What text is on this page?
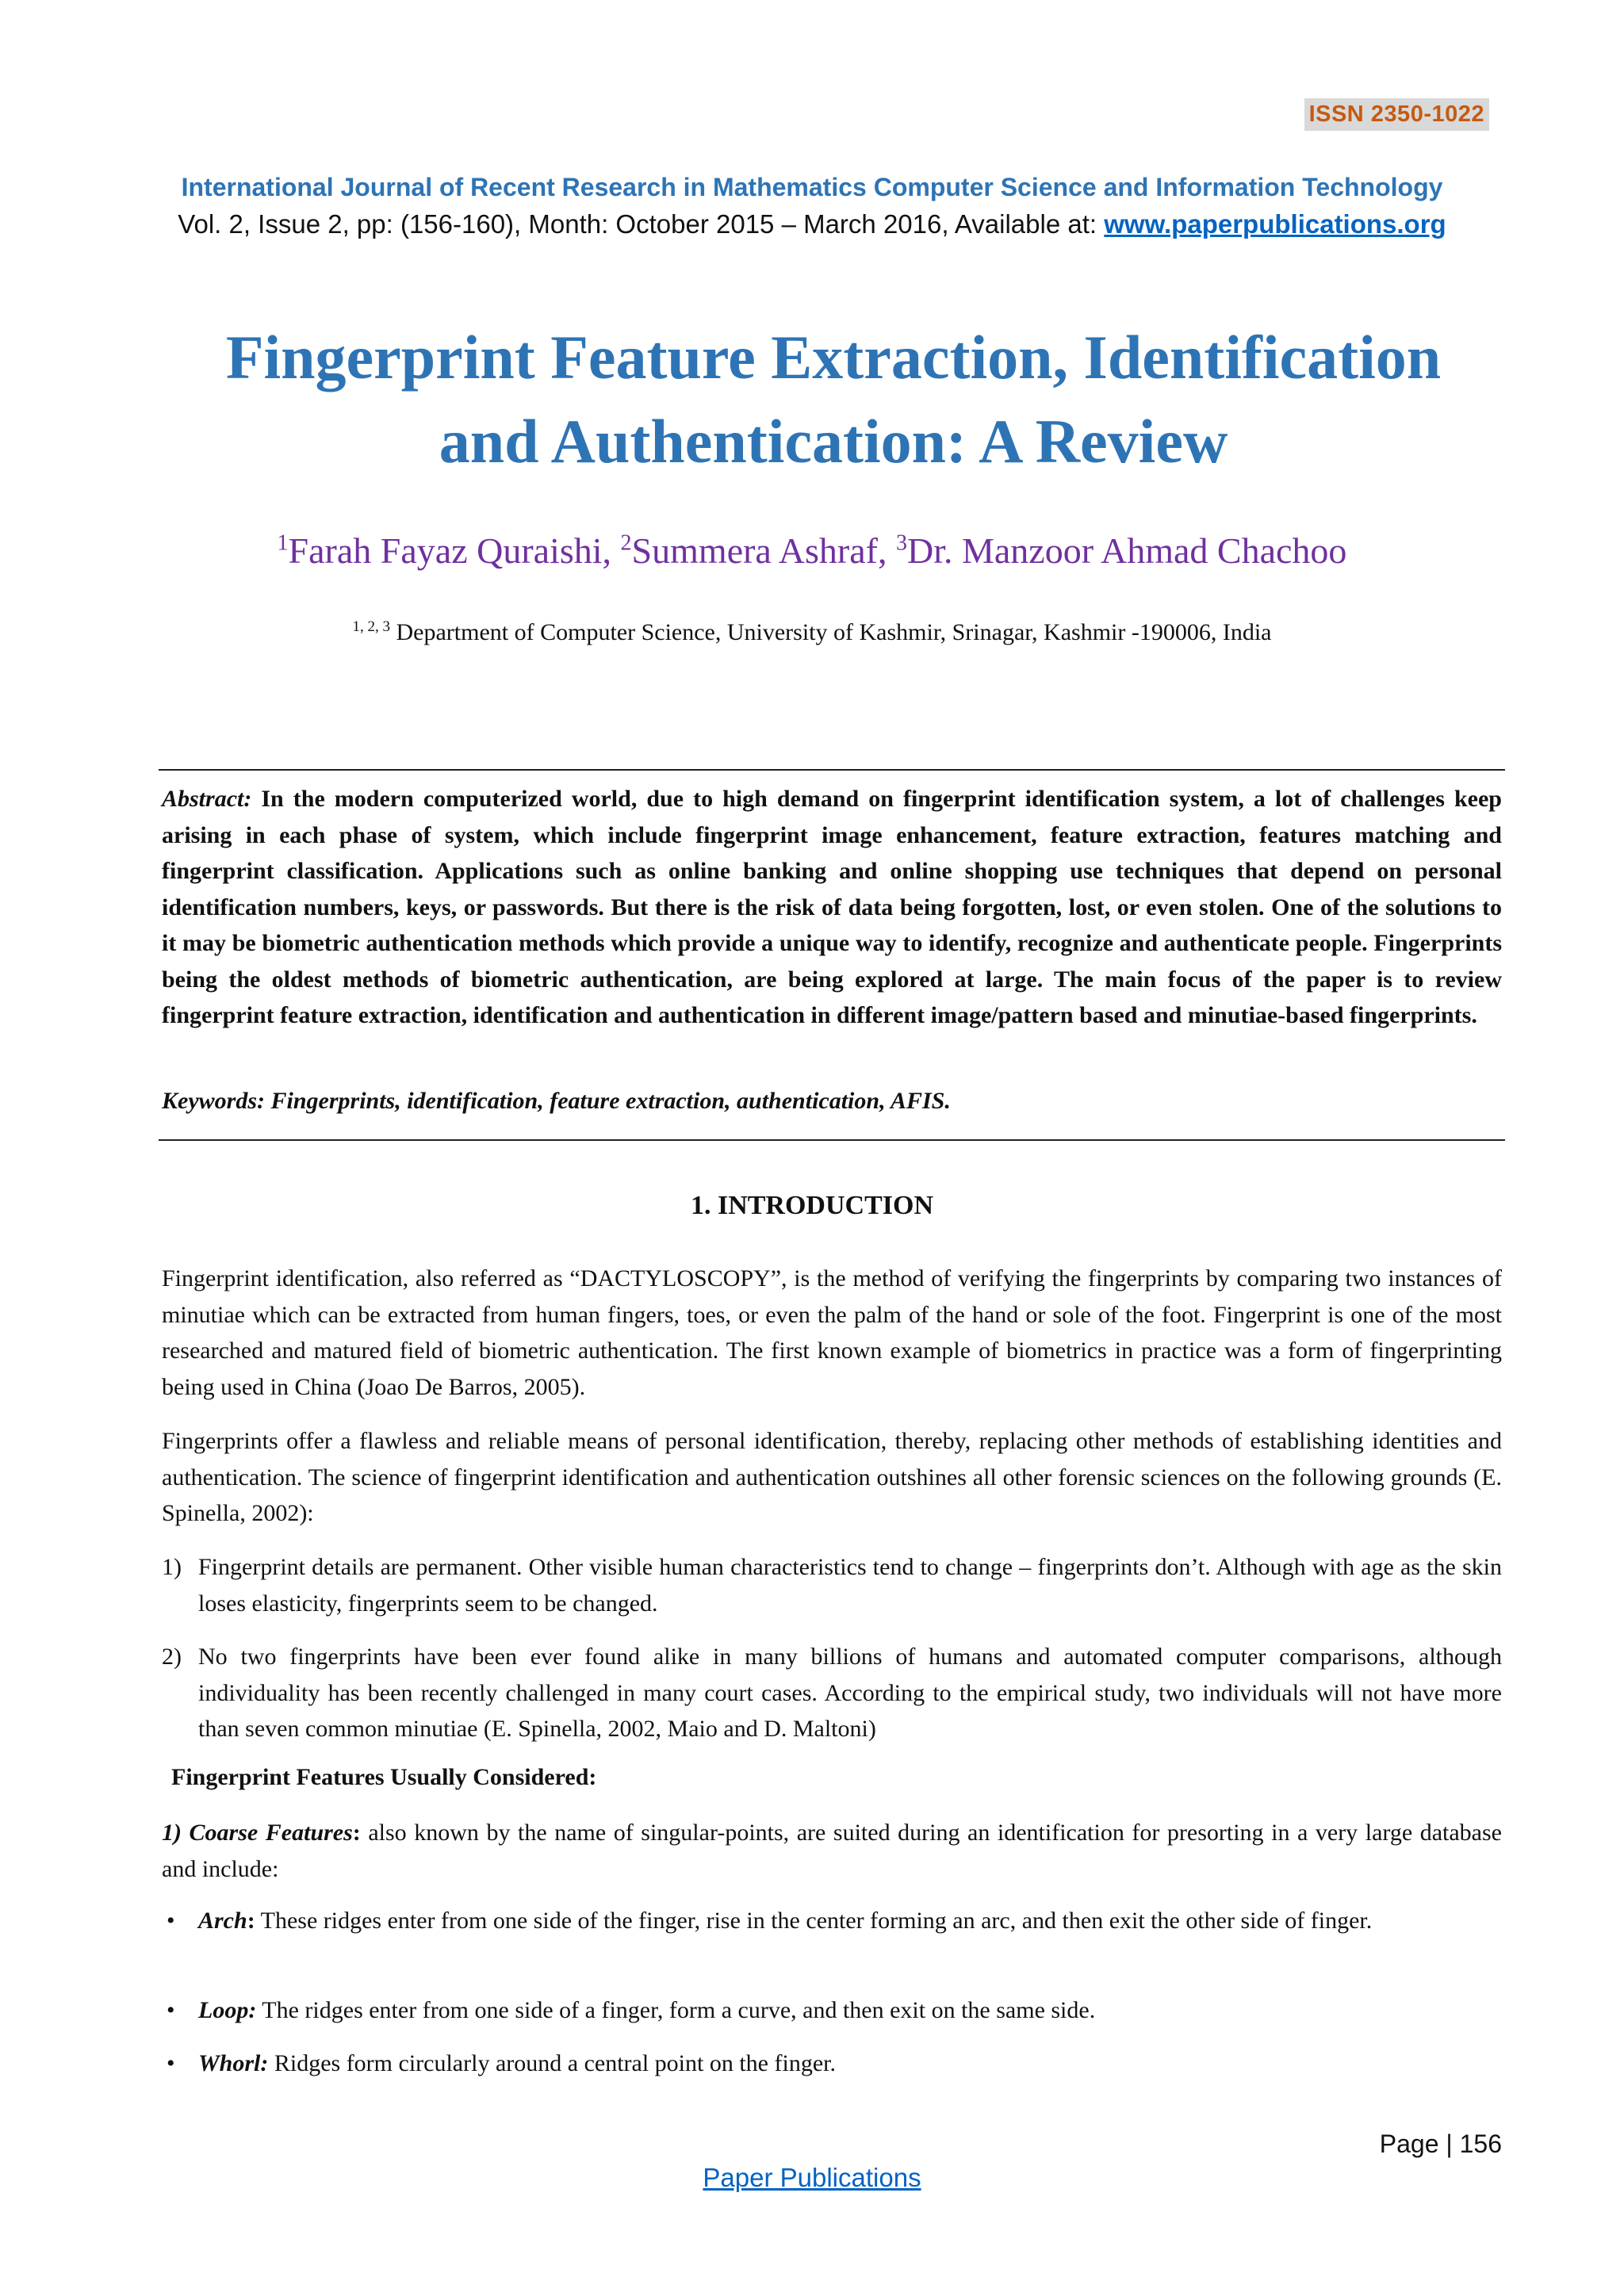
ISSN 2350-1022
International Journal of Recent Research in Mathematics Computer Science and Information Technology
Vol. 2, Issue 2, pp: (156-160), Month: October 2015 – March 2016, Available at: www.paperpublications.org
Fingerprint Feature Extraction, Identification
and Authentication: A Review
$^1$Farah Fayaz Quraishi, $^2$Summera Ashraf, $^3$Dr. Manzoor Ahmad Chachoo
$^{1, 2, 3}$ Department of Computer Science, University of Kashmir, Srinagar, Kashmir -190006, India
Abstract: In the modern computerized world, due to high demand on fingerprint identification system, a lot of challenges keep arising in each phase of system, which include fingerprint image enhancement, feature extraction, features matching and fingerprint classification. Applications such as online banking and online shopping use techniques that depend on personal identification numbers, keys, or passwords. But there is the risk of data being forgotten, lost, or even stolen. One of the solutions to it may be biometric authentication methods which provide a unique way to identify, recognize and authenticate people. Fingerprints being the oldest methods of biometric authentication, are being explored at large. The main focus of the paper is to review fingerprint feature extraction, identification and authentication in different image/pattern based and minutiae-based fingerprints.
Keywords: Fingerprints, identification, feature extraction, authentication, AFIS.
1. INTRODUCTION
Fingerprint identification, also referred as “DACTYLOSCOPY”, is the method of verifying the fingerprints by comparing two instances of minutiae which can be extracted from human fingers, toes, or even the palm of the hand or sole of the foot. Fingerprint is one of the most researched and matured field of biometric authentication. The first known example of biometrics in practice was a form of fingerprinting being used in China (Joao De Barros, 2005).
Fingerprints offer a flawless and reliable means of personal identification, thereby, replacing other methods of establishing identities and authentication. The science of fingerprint identification and authentication outshines all other forensic sciences on the following grounds (E. Spinella, 2002):
1) Fingerprint details are permanent. Other visible human characteristics tend to change – fingerprints don’t. Although with age as the skin loses elasticity, fingerprints seem to be changed.
2) No two fingerprints have been ever found alike in many billions of humans and automated computer comparisons, although individuality has been recently challenged in many court cases. According to the empirical study, two individuals will not have more than seven common minutiae (E. Spinella, 2002, Maio and D. Maltoni)
Fingerprint Features Usually Considered:
1) Coarse Features: also known by the name of singular-points, are suited during an identification for presorting in a very large database and include:
• Arch: These ridges enter from one side of the finger, rise in the center forming an arc, and then exit the other side of finger.
• Loop: The ridges enter from one side of a finger, form a curve, and then exit on the same side.
• Whorl: Ridges form circularly around a central point on the finger.
Page | 156
Paper Publications
